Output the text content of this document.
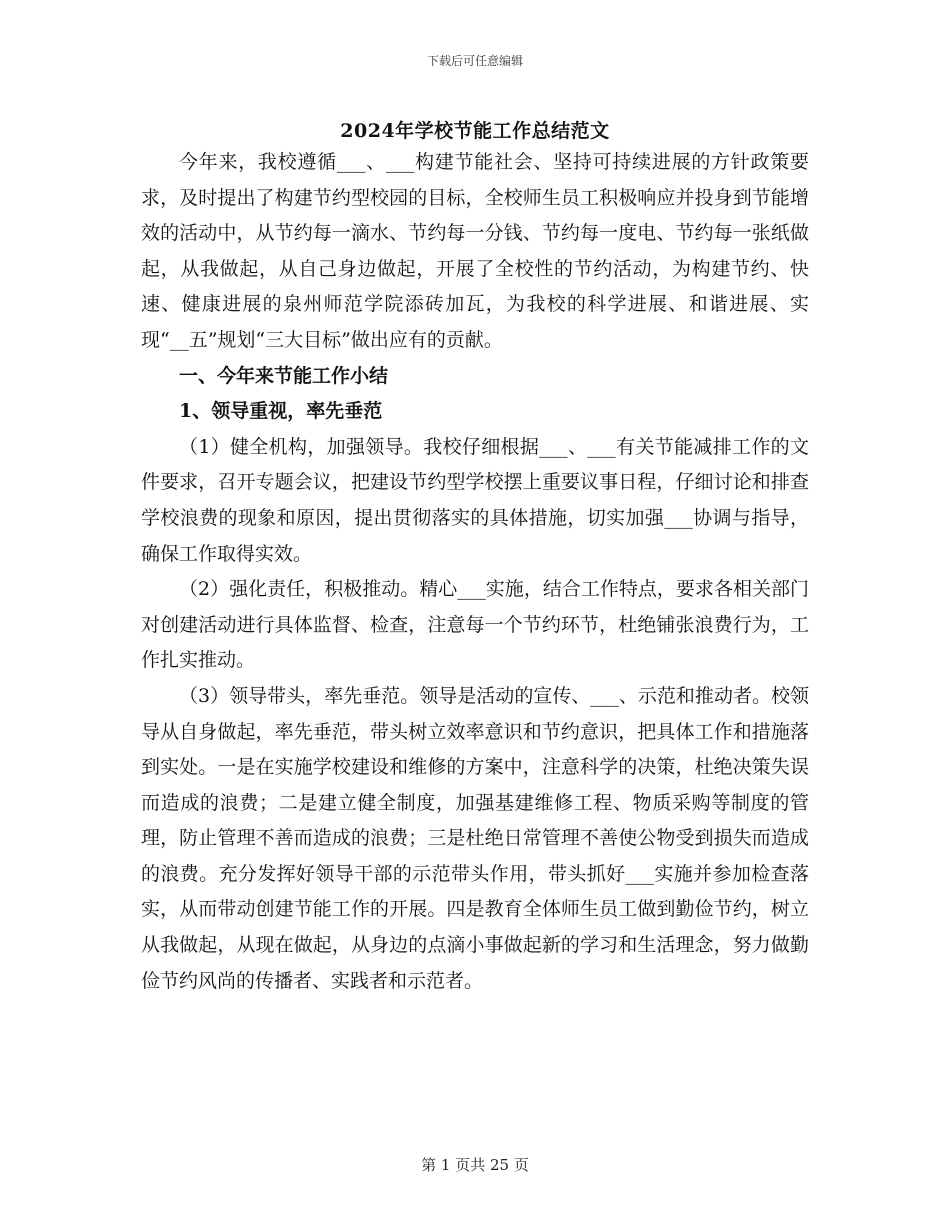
下载后可任意编辑
2024年学校节能工作总结范文

今年来，我校遵循___、___构建节能社会、坚持可持续进展的方针政策要求，及时提出了构建节约型校园的目标，全校师生员工积极响应并投身到节能增效的活动中，从节约每一滴水、节约每一分钱、节约每一度电、节约每一张纸做起，从我做起，从自己身边做起，开展了全校性的节约活动，为构建节约、快速、健康进展的泉州师范学院添砖加瓦，为我校的科学进展、和谐进展、实现“__五”规划“三大目标”做出应有的贡献。

一、今年来节能工作小结

1、领导重视，率先垂范

（1）健全机构，加强领导。我校仔细根据___、___有关节能减排工作的文件要求，召开专题会议，把建设节约型学校摆上重要议事日程，仔细讨论和排查学校浪费的现象和原因，提出贯彻落实的具体措施，切实加强___协调与指导，确保工作取得实效。

（2）强化责任，积极推动。精心___实施，结合工作特点，要求各相关部门对创建活动进行具体监督、检查，注意每一个节约环节，杜绝铺张浪费行为，工作扎实推动。

（3）领导带头，率先垂范。领导是活动的宣传、___、示范和推动者。校领导从自身做起，率先垂范，带头树立效率意识和节约意识，把具体工作和措施落到实处。一是在实施学校建设和维修的方案中，注意科学的决策，杜绝决策失误而造成的浪费；二是建立健全制度，加强基建维修工程、物质采购等制度的管理，防止管理不善而造成的浪费；三是杜绝日常管理不善使公物受到损失而造成的浪费。充分发挥好领导干部的示范带头作用，带头抓好___实施并参加检查落实，从而带动创建节能工作的开展。四是教育全体师生员工做到勤俭节约，树立从我做起，从现在做起，从身边的点滴小事做起新的学习和生活理念，努力做勤俭节约风尚的传播者、实践者和示范者。

第 1 页共 25 页
